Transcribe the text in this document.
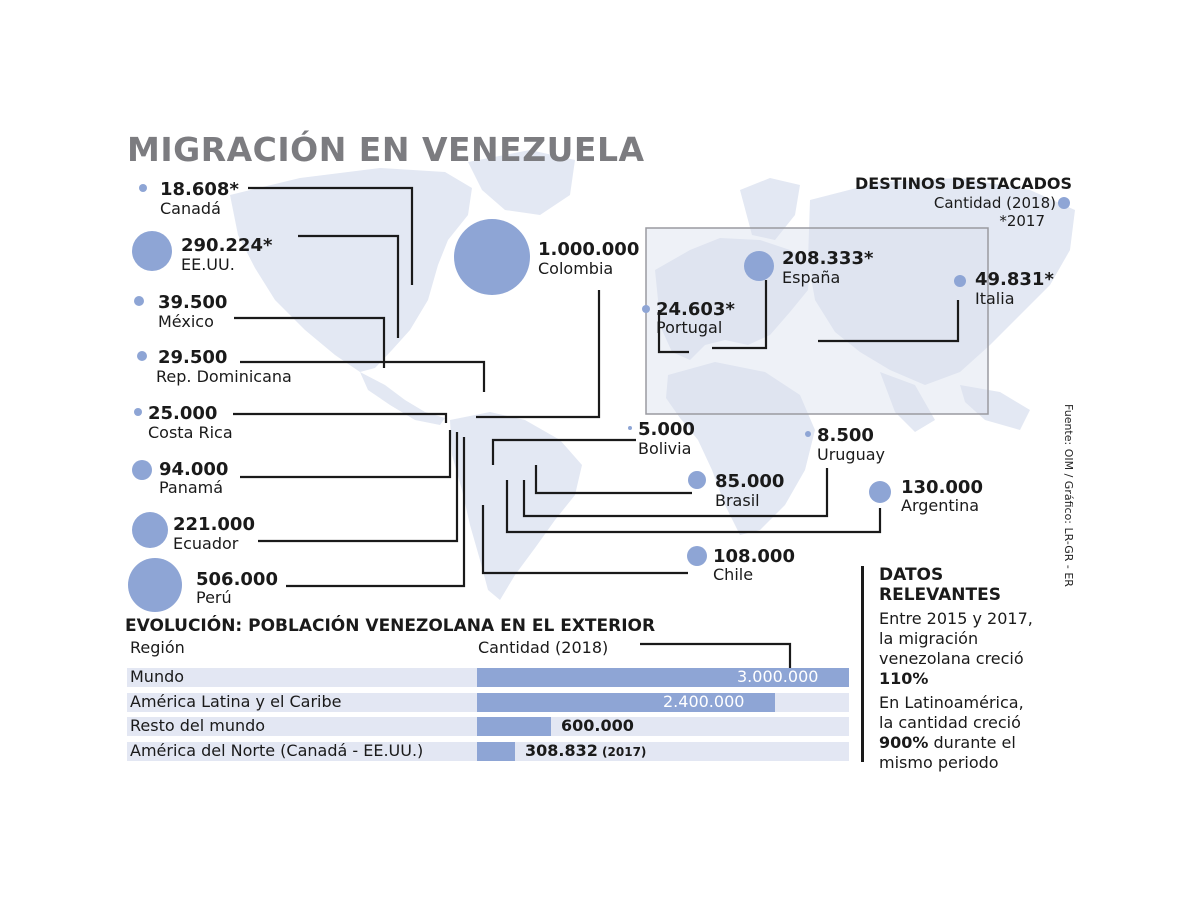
MIGRACIÓN EN VENEZUELA
DESTINOS DESTACADOS
Cantidad (2018)
*2017
Fuente: OIM / Gráfico: LR-GR - ER
18.608*
Canadá
290.224*
EE.UU.
39.500
México
29.500
Rep. Dominicana
25.000
Costa Rica
94.000
Panamá
221.000
Ecuador
506.000
Perú
1.000.000
Colombia
5.000
Bolivia
85.000
Brasil
108.000
Chile
8.500
Uruguay
130.000
Argentina
24.603*
Portugal
208.333*
España	49.831*
Italia
EVOLUCIÓN: POBLACIÓN VENEZOLANA EN EL EXTERIOR
Región	Cantidad (2018)
Mundo	3.000.000
América Latina y el Caribe	2.400.000
Resto del mundo	600.000
América del Norte (Canadá - EE.UU.)	308.832 (2017)
DATOS
RELEVANTES
Entre 2015 y 2017,
la migración
venezolana creció
110%
En Latinoamérica,
la cantidad creció
900% durante el
mismo periodo
